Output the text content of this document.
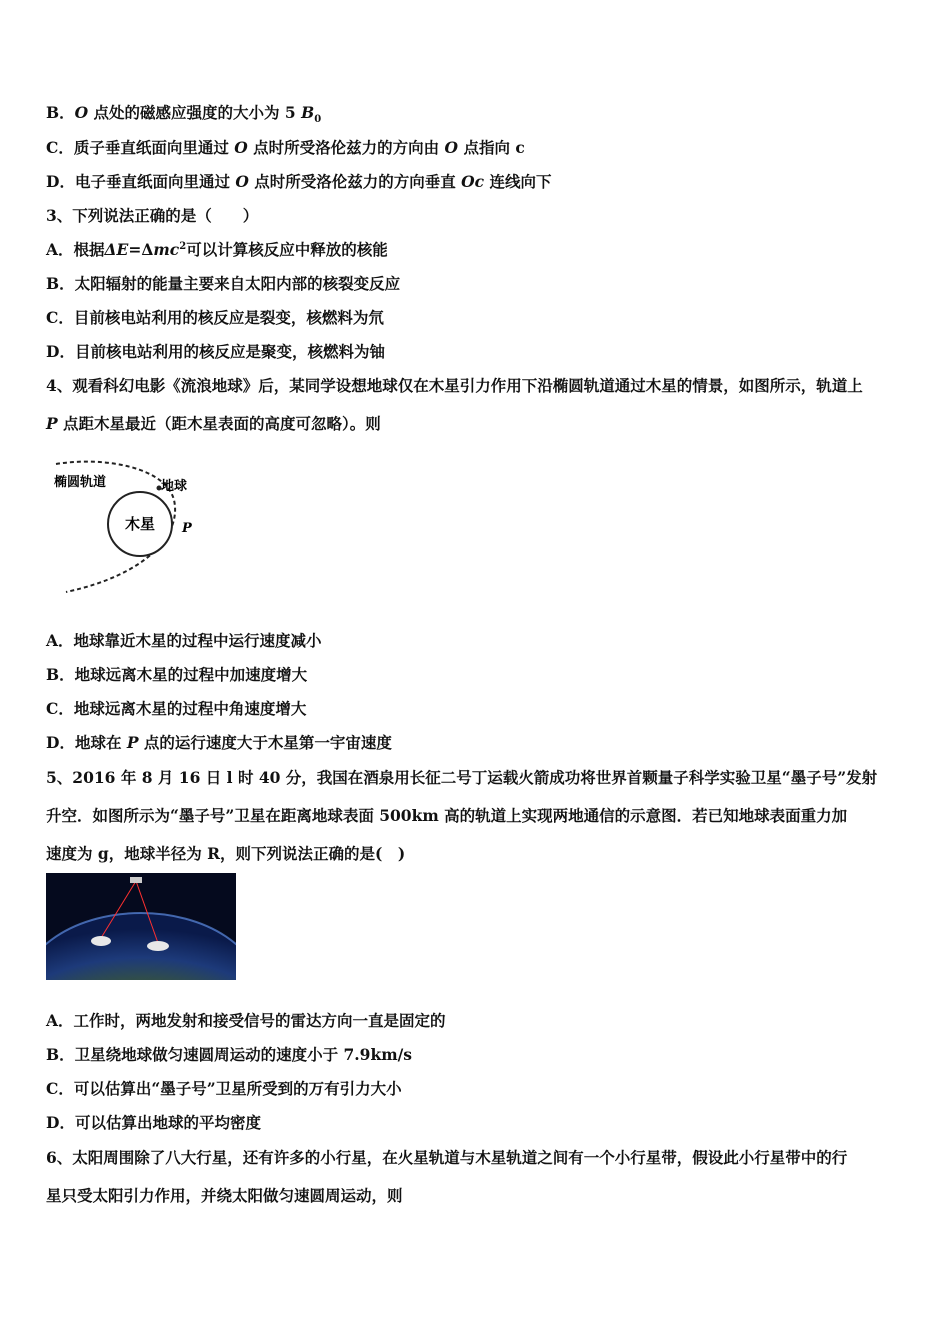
B．O 点处的磁感应强度的大小为 5 $B_0$
C．质子垂直纸面向里通过 O 点时所受洛伦兹力的方向由 O 点指向 c
D．电子垂直纸面向里通过 O 点时所受洛伦兹力的方向垂直 Oc 连线向下
3、下列说法正确的是（　　）
A．根据ΔE=Δmc$^2$可以计算核反应中释放的核能
B．太阳辐射的能量主要来自太阳内部的核裂变反应
C．目前核电站利用的核反应是裂变，核燃料为氘
D．目前核电站利用的核反应是聚变，核燃料为铀
4、观看科幻电影《流浪地球》后，某同学设想地球仅在木星引力作用下沿椭圆轨道通过木星的情景，如图所示，轨道上
P 点距木星最近（距木星表面的高度可忽略）。则
木星
椭圆轨道	地球
P
A．地球靠近木星的过程中运行速度减小
B．地球远离木星的过程中加速度增大
C．地球远离木星的过程中角速度增大
D．地球在 P 点的运行速度大于木星第一宇宙速度
5、2016 年 8 月 16 日 l 时 40 分，我国在酒泉用长征二号丁运载火箭成功将世界首颗量子科学实验卫星“墨子号”发射
升空．如图所示为“墨子号”卫星在距离地球表面 500km 高的轨道上实现两地通信的示意图．若已知地球表面重力加
速度为 g，地球半径为 R，则下列说法正确的是(　)
A．工作时，两地发射和接受信号的雷达方向一直是固定的
B．卫星绕地球做匀速圆周运动的速度小于 7.9km/s
C．可以估算出“墨子号”卫星所受到的万有引力大小
D．可以估算出地球的平均密度
6、太阳周围除了八大行星，还有许多的小行星，在火星轨道与木星轨道之间有一个小行星带，假设此小行星带中的行
星只受太阳引力作用，并绕太阳做匀速圆周运动，则
